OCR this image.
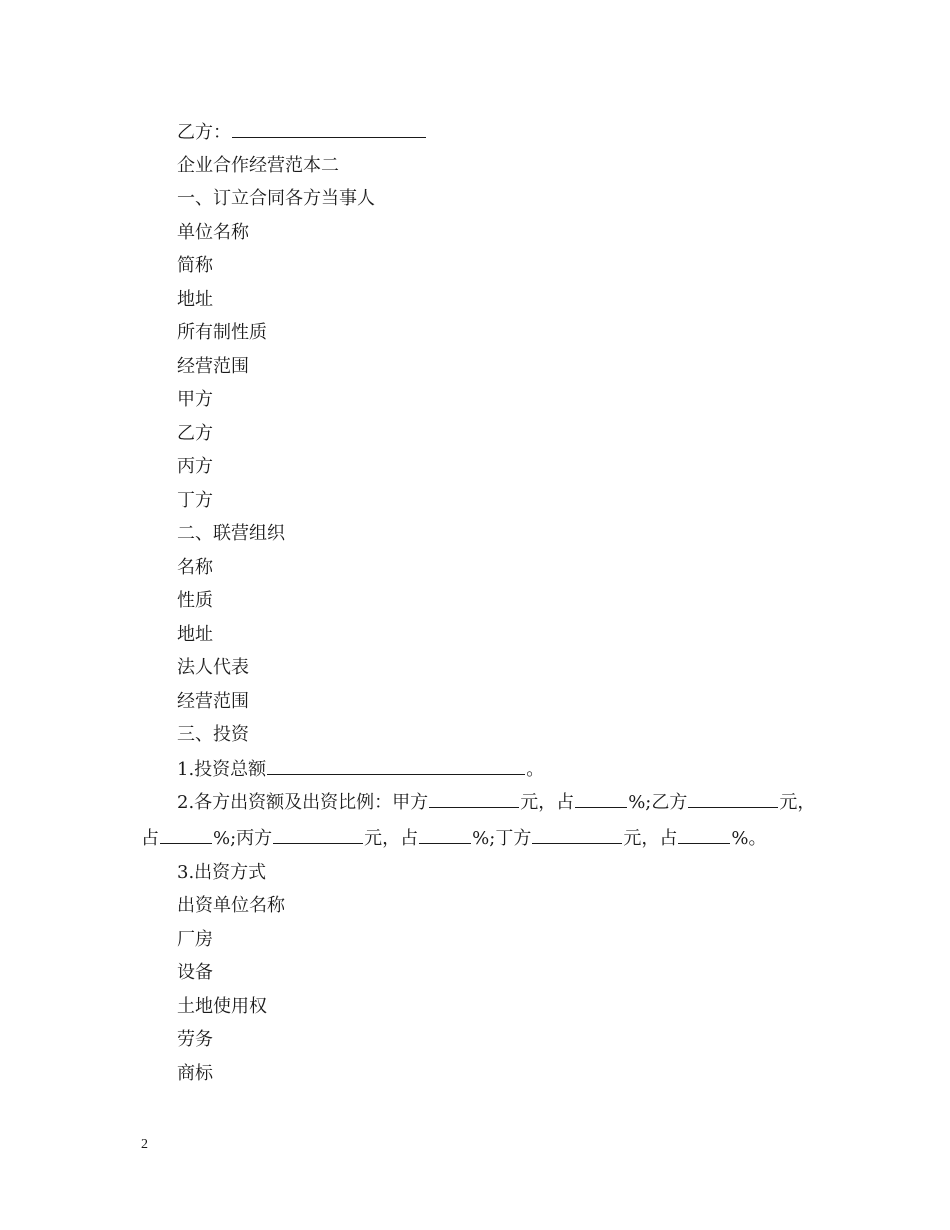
乙方：
企业合作经营范本二
一、订立合同各方当事人
单位名称
简称
地址
所有制性质
经营范围
甲方
乙方
丙方
丁方
二、联营组织
名称
性质
地址
法人代表
经营范围
三、投资
1.投资总额	。
2.各方出资额及出资比例：甲方	元，占	%;乙方	元，
占	%;丙方	元，占	%;丁方	元，占	%。
3.出资方式
出资单位名称
厂房
设备
土地使用权
劳务
商标
2
